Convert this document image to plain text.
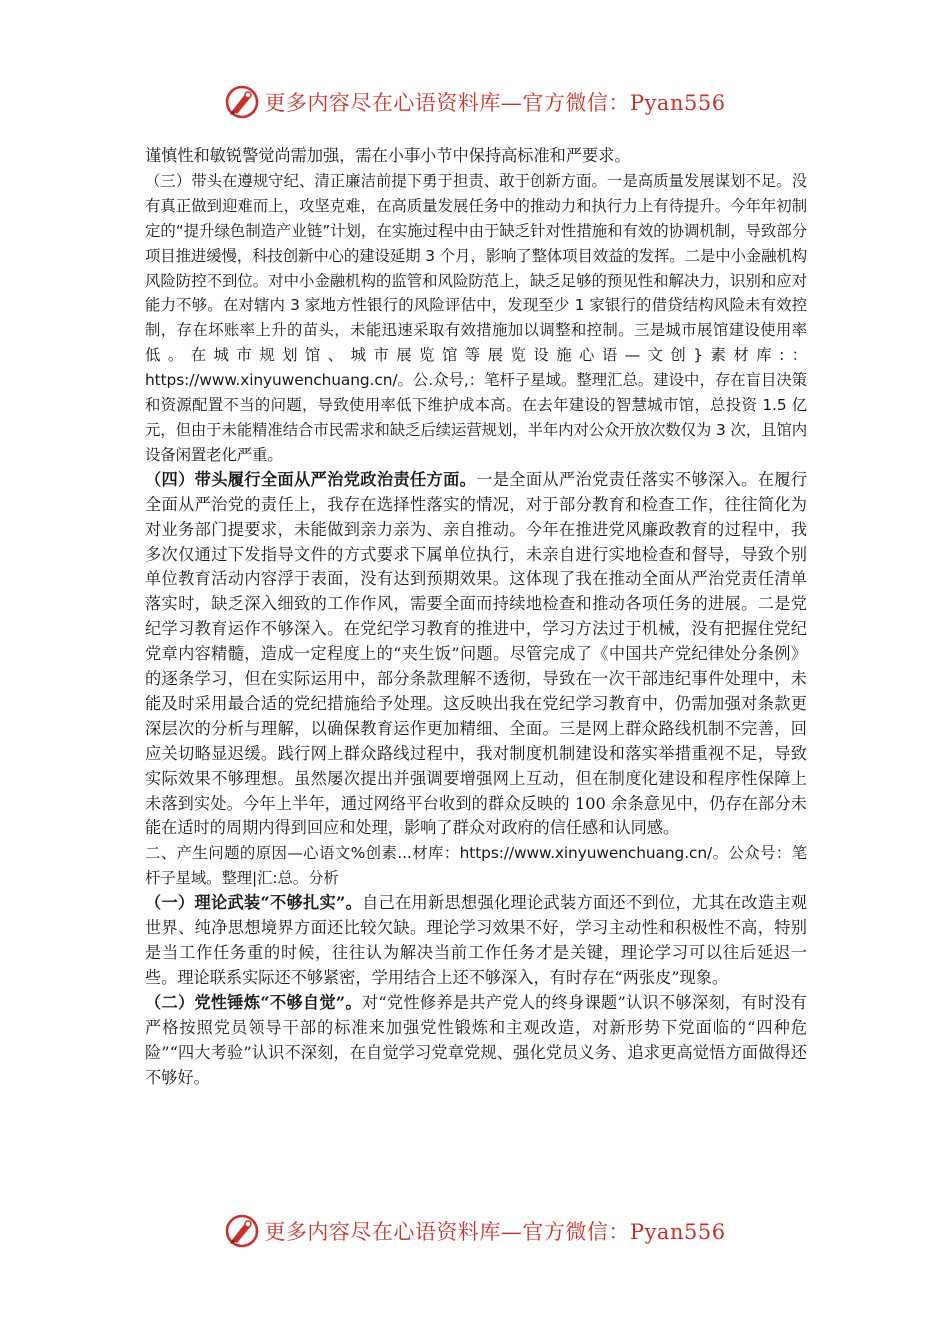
更多内容尽在心语资料库—官方微信：Pyan556

谨慎性和敏锐警觉尚需加强，需在小事小节中保持高标准和严要求。

（三）带头在遵规守纪、清正廉洁前提下勇于担责、敢于创新方面。一是高质量发展谋划不足。没有真正做到迎难而上，攻坚克难，在高质量发展任务中的推动力和执行力上有待提升。今年年初制定的“提升绿色制造产业链”计划，在实施过程中由于缺乏针对性措施和有效的协调机制，导致部分项目推进缓慢，科技创新中心的建设延期 3 个月，影响了整体项目效益的发挥。二是中小金融机构风险防控不到位。对中小金融机构的监管和风险防范上，缺乏足够的预见性和解决力，识别和应对能力不够。在对辖内 3 家地方性银行的风险评估中，发现至少 1 家银行的借贷结构风险未有效控制，存在坏账率上升的苗头，未能迅速采取有效措施加以调整和控制。三是城市展馆建设使用率低。在城市规划馆、城市展览馆等展览设施心语—文创}素材库:：https://www.xinyuwenchuang.cn/。公.众号,：笔杆子星域。整理汇总。建设中，存在盲目决策和资源配置不当的问题，导致使用率低下维护成本高。在去年建设的智慧城市馆，总投资 1.5 亿元，但由于未能精准结合市民需求和缺乏后续运营规划，半年内对公众开放次数仅为 3 次，且馆内设备闲置老化严重。

（四）带头履行全面从严治党政治责任方面。一是全面从严治党责任落实不够深入。在履行全面从严治党的责任上，我存在选择性落实的情况，对于部分教育和检查工作，往往简化为对业务部门提要求，未能做到亲力亲为、亲自推动。今年在推进党风廉政教育的过程中，我多次仅通过下发指导文件的方式要求下属单位执行，未亲自进行实地检查和督导，导致个别单位教育活动内容浮于表面，没有达到预期效果。这体现了我在推动全面从严治党责任清单落实时，缺乏深入细致的工作作风，需要全面而持续地检查和推动各项任务的进展。二是党纪学习教育运作不够深入。在党纪学习教育的推进中，学习方法过于机械，没有把握住党纪党章内容精髓，造成一定程度上的“夹生饭”问题。尽管完成了《中国共产党纪律处分条例》的逐条学习，但在实际运用中，部分条款理解不透彻，导致在一次干部违纪事件处理中，未能及时采用最合适的党纪措施给予处理。这反映出我在党纪学习教育中，仍需加强对条款更深层次的分析与理解，以确保教育运作更加精细、全面。三是网上群众路线机制不完善，回应关切略显迟缓。践行网上群众路线过程中，我对制度机制建设和落实举措重视不足，导致实际效果不够理想。虽然屡次提出并强调要增强网上互动，但在制度化建设和程序性保障上未落到实处。今年上半年，通过网络平台收到的群众反映的 100 余条意见中，仍存在部分未能在适时的周期内得到回应和处理，影响了群众对政府的信任感和认同感。

二、产生问题的原因—心语文%创素...材库：https://www.xinyuwenchuang.cn/。公众号：笔杆子星域。整理|汇:总。分析

（一）理论武装“不够扎实”。自己在用新思想强化理论武装方面还不到位，尤其在改造主观世界、纯净思想境界方面还比较欠缺。理论学习效果不好，学习主动性和积极性不高，特别是当工作任务重的时候，往往认为解决当前工作任务才是关键，理论学习可以往后延迟一些。理论联系实际还不够紧密，学用结合上还不够深入，有时存在“两张皮”现象。

（二）党性锤炼“不够自觉”。对“党性修养是共产党人的终身课题”认识不够深刻，有时没有严格按照党员领导干部的标准来加强党性锻炼和主观改造，对新形势下党面临的“四种危险”“四大考验”认识不深刻，在自觉学习党章党规、强化党员义务、追求更高觉悟方面做得还不够好。

更多内容尽在心语资料库—官方微信：Pyan556
